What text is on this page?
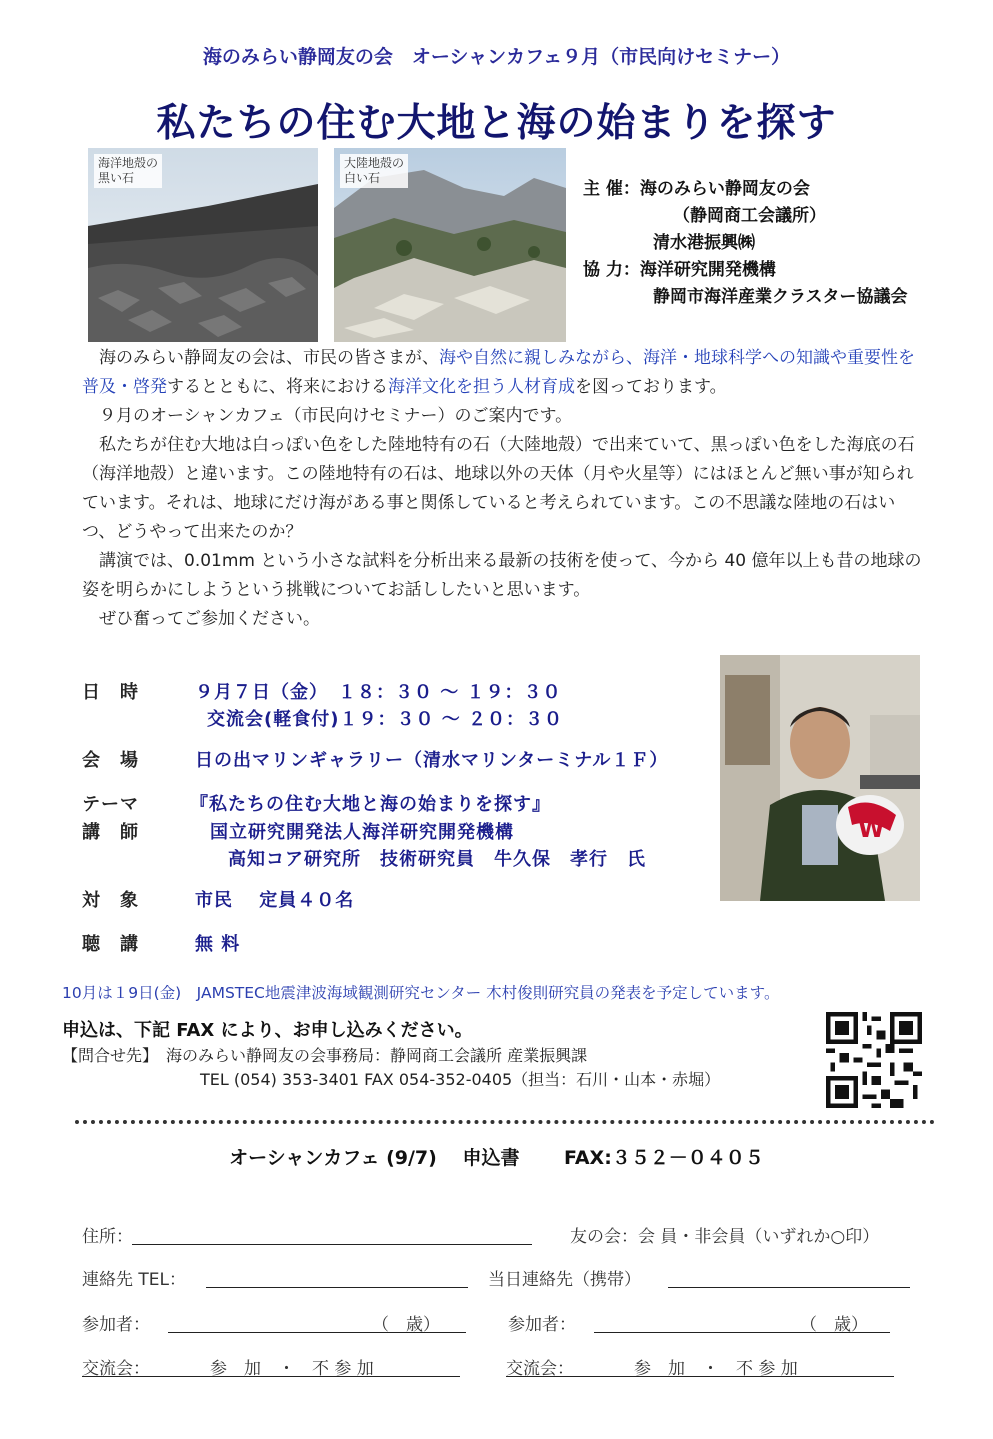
海のみらい静岡友の会　オーシャンカフェ９月（市民向けセミナー）
私たちの住む大地と海の始まりを探す
海洋地殻の
黒い石
大陸地殻の
白い石
主 催：海のみらい静岡友の会
（静岡商工会議所）
清水港振興㈱
協 力：海洋研究開発機構
静岡市海洋産業クラスター協議会

海のみらい静岡友の会は、市民の皆さまが、海や自然に親しみながら、海洋・地球科学への知識や重要性を普及・啓発するとともに、将来における海洋文化を担う人材育成を図っております。

９月のオーシャンカフェ（市民向けセミナー）のご案内です。

私たちが住む大地は白っぽい色をした陸地特有の石（大陸地殻）で出来ていて、黒っぽい色をした海底の石（海洋地殻）と違います。この陸地特有の石は、地球以外の天体（月や火星等）にはほとんど無い事が知られています。それは、地球にだけ海がある事と関係していると考えられています。この不思議な陸地の石はいつ、どうやって出来たのか？

講演では、0.01mm という小さな試料を分析出来る最新の技術を使って、今から 40 億年以上も昔の地球の姿を明らかにしようという挑戦についてお話ししたいと思います。

ぜひ奮ってご参加ください。

日　時	９月７日（金）　１８：３０ ～ １９：３０
交流会(軽食付)１９：３０ ～ ２０：３０
会　場	日の出マリンギャラリー（清水マリンターミナル１Ｆ）
テーマ	『私たちの住む大地と海の始まりを探す』
講　師	国立研究開発法人海洋研究開発機構
高知コア研究所　技術研究員　牛久保　孝行　氏
対　象	市民　 定員４０名
聴　講	無 料
W
10月は１9日(金)　JAMSTEC地震津波海域観測研究センター 木村俊則研究員の発表を予定しています。
申込は、下記 FAX により、お申し込みください。
【問合せ先】　海のみらい静岡友の会事務局：静岡商工会議所 産業振興課
TEL (054) 353-3401 FAX 054-352-0405（担当：石川・山本・赤堀）
オーシャンカフェ (9/7)　 申込書 　　FAX:３５２－０４０５
住所：	友の会：会 員・非会員（いずれか○印）
連絡先 TEL：	当日連絡先（携帯）
参加者：	（　歳）	参加者：	（　歳）
交流会：	参　加　・　不 参 加	交流会：	参　加　・　不 参 加
